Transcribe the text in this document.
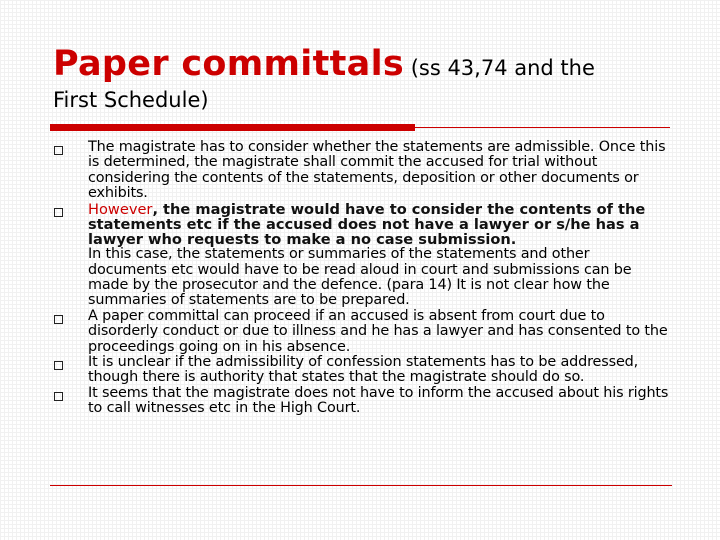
Paper committals (ss 43,74 and the
First Schedule)
The magistrate has to consider whether the statements are admissible. Once this is determined, the magistrate shall commit the accused for trial without considering the contents of the statements, deposition or other documents or exhibits.
However, the magistrate would have to consider the contents of the statements etc if the accused does not have a lawyer or s/he has a lawyer who requests to make a no case submission.
In this case, the statements or summaries of the statements and other documents etc would have to be read aloud in court and submissions can be made by the prosecutor and the defence. (para 14) It is not clear how the summaries of statements are to be prepared.
A paper committal can proceed if an accused is absent from court due to disorderly conduct or due to illness and he has a lawyer and has consented to the proceedings going on in his absence.
It is unclear if the admissibility of confession statements has to be addressed, though there is authority that states that the magistrate should do so.
It seems that the magistrate does not have to inform the accused about his rights to call witnesses etc in the High Court.
